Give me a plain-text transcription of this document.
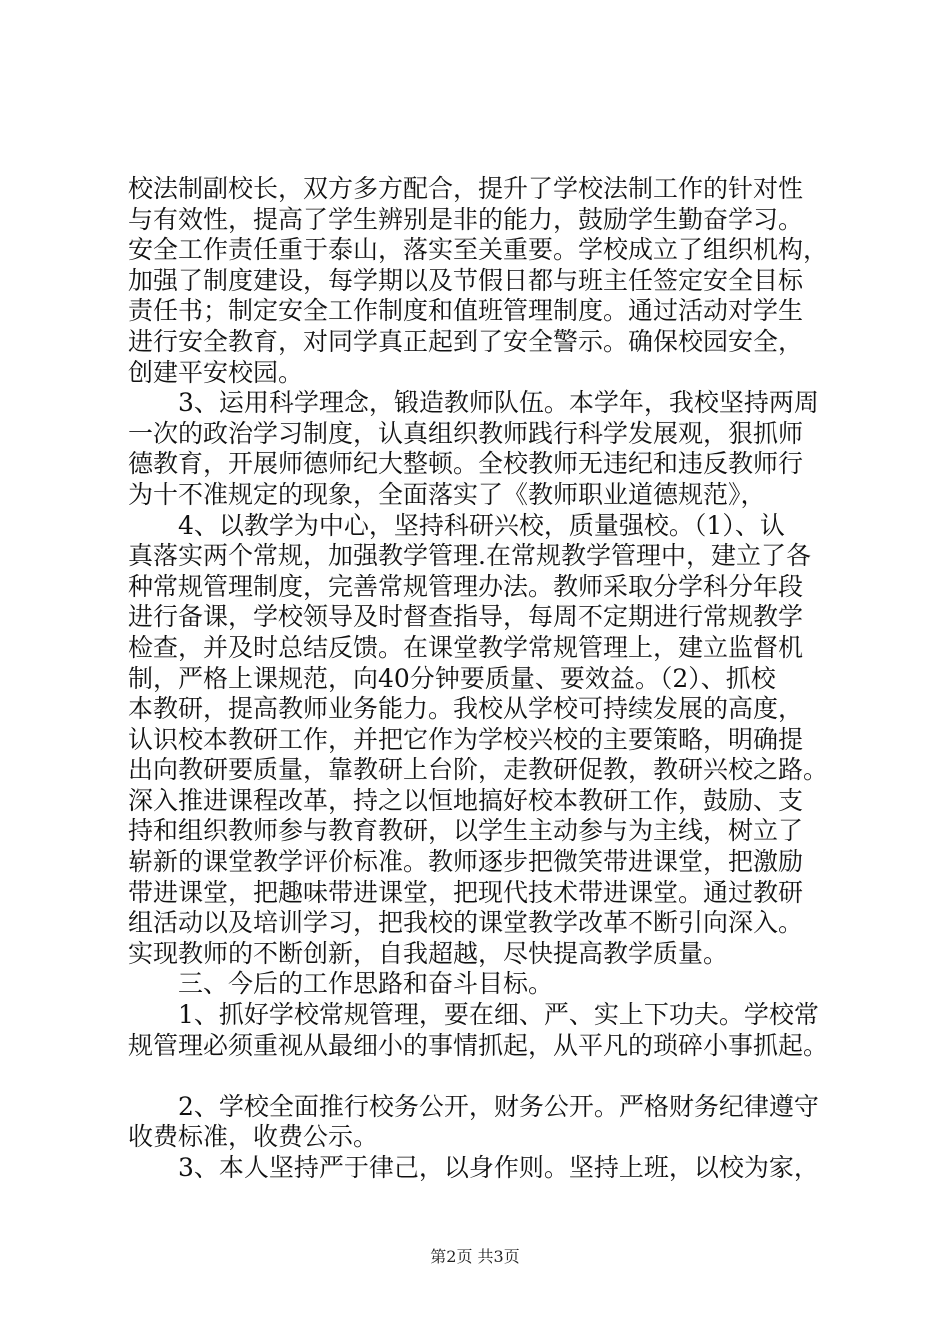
校法制副校长，双方多方配合，提升了学校法制工作的针对性
与有效性，提高了学生辨别是非的能力，鼓励学生勤奋学习。
安全工作责任重于泰山，落实至关重要。学校成立了组织机构，
加强了制度建设，每学期以及节假日都与班主任签定安全目标
责任书；制定安全工作制度和值班管理制度。通过活动对学生
进行安全教育，对同学真正起到了安全警示。确保校园安全，
创建平安校园。
3、运用科学理念，锻造教师队伍。本学年，我校坚持两周
一次的政治学习制度，认真组织教师践行科学发展观，狠抓师
德教育，开展师德师纪大整顿。全校教师无违纪和违反教师行
为十不准规定的现象，全面落实了《教师职业道德规范》，
4、以教学为中心，坚持科研兴校，质量强校。（1）、认
真落实两个常规，加强教学管理.在常规教学管理中，建立了各
种常规管理制度，完善常规管理办法。教师采取分学科分年段
进行备课，学校领导及时督查指导，每周不定期进行常规教学
检查，并及时总结反馈。在课堂教学常规管理上，建立监督机
制，严格上课规范，向40分钟要质量、要效益。（2）、抓校
本教研，提高教师业务能力。我校从学校可持续发展的高度，
认识校本教研工作，并把它作为学校兴校的主要策略，明确提
出向教研要质量，靠教研上台阶，走教研促教，教研兴校之路。
深入推进课程改革，持之以恒地搞好校本教研工作，鼓励、支
持和组织教师参与教育教研，以学生主动参与为主线，树立了
崭新的课堂教学评价标准。教师逐步把微笑带进课堂，把激励
带进课堂，把趣味带进课堂，把现代技术带进课堂。通过教研
组活动以及培训学习，把我校的课堂教学改革不断引向深入。
实现教师的不断创新，自我超越，尽快提高教学质量。
三、今后的工作思路和奋斗目标。
1、抓好学校常规管理，要在细、严、实上下功夫。学校常
规管理必须重视从最细小的事情抓起，从平凡的琐碎小事抓起。
2、学校全面推行校务公开，财务公开。严格财务纪律遵守
收费标准，收费公示。
3、本人坚持严于律己，以身作则。坚持上班，以校为家，
第2页 共3页
